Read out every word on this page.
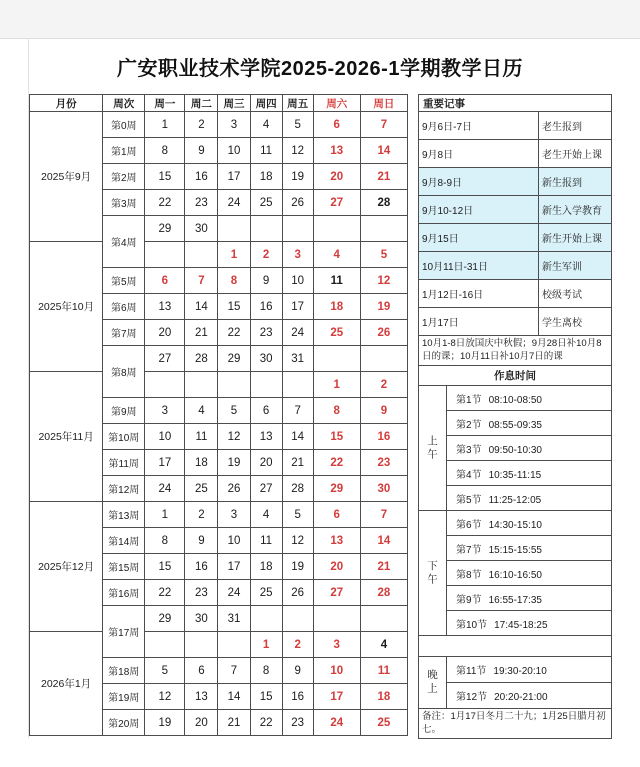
广安职业技术学院2025-2026-1学期教学日历
月份	周次	周一	周二	周三	周四	周五	周六	周日
2025年9月	第0周	1	2	3	4	5	6	7
	第1周	8	9	10	11	12	13	14
	第2周	15	16	17	18	19	20	21
	第3周	22	23	24	25	26	27	28
	第4周	29	30					
2025年10月				1	2	3	4	5
	第5周	6	7	8	9	10	11	12
	第6周	13	14	15	16	17	18	19
	第7周	20	21	22	23	24	25	26
	第8周	27	28	29	30	31		
2025年11月							1	2
	第9周	3	4	5	6	7	8	9
	第10周	10	11	12	13	14	15	16
	第11周	17	18	19	20	21	22	23
	第12周	24	25	26	27	28	29	30
2025年12月	第13周	1	2	3	4	5	6	7
	第14周	8	9	10	11	12	13	14
	第15周	15	16	17	18	19	20	21
	第16周	22	23	24	25	26	27	28
	第17周	29	30	31				
2026年1月					1	2	3	4
	第18周	5	6	7	8	9	10	11
	第19周	12	13	14	15	16	17	18
	第20周	19	20	21	22	23	24	25
重要记事	
9月6日-7日	老生报到
9月8日	老生开始上课
9月8-9日	新生报到
9月10-12日	新生入学教育
9月15日	新生开始上课
10月11日-31日	新生军训
1月12日-16日	校级考试
1月17日	学生离校
10月1-8日放国庆中秋假；9月28日补10月8日的课；10月11日补10月7日的课	
作息时间	
上午	第1节 08:10-08:50
	第2节 08:55-09:35
	第3节 09:50-10:30
	第4节 10:35-11:15
	第5节 11:25-12:05
下午	第6节 14:30-15:10
	第7节 15:15-15:55
	第8节 16:10-16:50
	第9节 16:55-17:35
	第10节 17:45-18:25

晚上	第11节 19:30-20:10
	第12节 20:20-21:00
备注：1月17日冬月二十九；1月25日腊月初七。	
